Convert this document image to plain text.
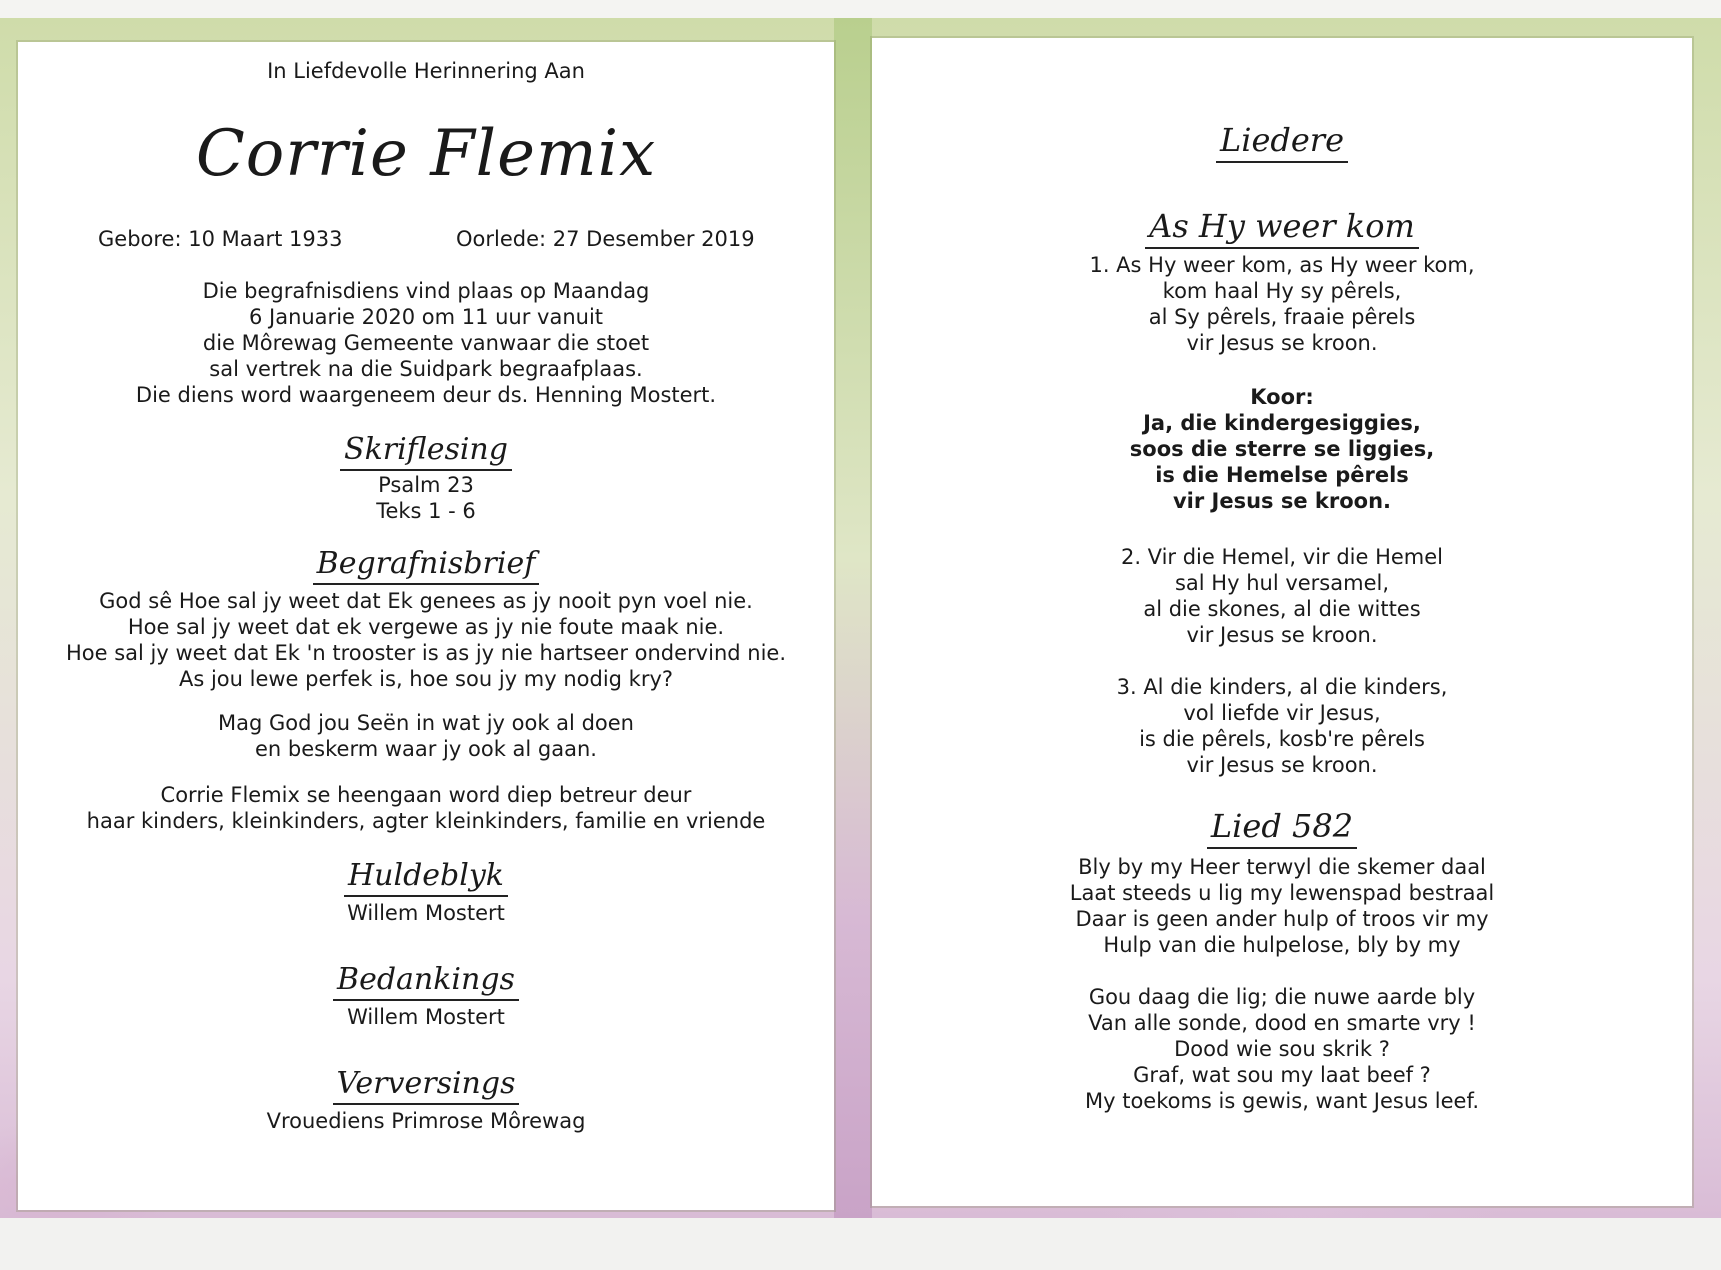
In Liefdevolle Herinnering Aan
Corrie Flemix
Gebore: 10 Maart 1933	Oorlede: 27 Desember 2019
Die begrafnisdiens vind plaas op Maandag
6 Januarie 2020 om 11 uur vanuit
die Môrewag Gemeente vanwaar die stoet
sal vertrek na die Suidpark begraafplaas.
Die diens word waargeneem deur ds. Henning Mostert.
Skriflesing
Psalm 23
Teks 1 - 6
Begrafnisbrief
God sê Hoe sal jy weet dat Ek genees as jy nooit pyn voel nie.
Hoe sal jy weet dat ek vergewe as jy nie foute maak nie.
Hoe sal jy weet dat Ek 'n trooster is as jy nie hartseer ondervind nie.
As jou lewe perfek is, hoe sou jy my nodig kry?
Mag God jou Seën in wat jy ook al doen
en beskerm waar jy ook al gaan.
Corrie Flemix se heengaan word diep betreur deur
haar kinders, kleinkinders, agter kleinkinders, familie en vriende
Huldeblyk
Willem Mostert
Bedankings
Willem Mostert
Verversings
Vrouediens Primrose Môrewag
Liedere
As Hy weer kom
1. As Hy weer kom, as Hy weer kom,
kom haal Hy sy pêrels,
al Sy pêrels, fraaie pêrels
vir Jesus se kroon.
Koor:
Ja, die kindergesiggies,
soos die sterre se liggies,
is die Hemelse pêrels
vir Jesus se kroon.
2. Vir die Hemel, vir die Hemel
sal Hy hul versamel,
al die skones, al die wittes
vir Jesus se kroon.
3. Al die kinders, al die kinders,
vol liefde vir Jesus,
is die pêrels, kosb're pêrels
vir Jesus se kroon.
Lied 582
Bly by my Heer terwyl die skemer daal
Laat steeds u lig my lewenspad bestraal
Daar is geen ander hulp of troos vir my
Hulp van die hulpelose, bly by my
Gou daag die lig; die nuwe aarde bly
Van alle sonde, dood en smarte vry !
Dood wie sou skrik ?
Graf, wat sou my laat beef ?
My toekoms is gewis, want Jesus leef.
